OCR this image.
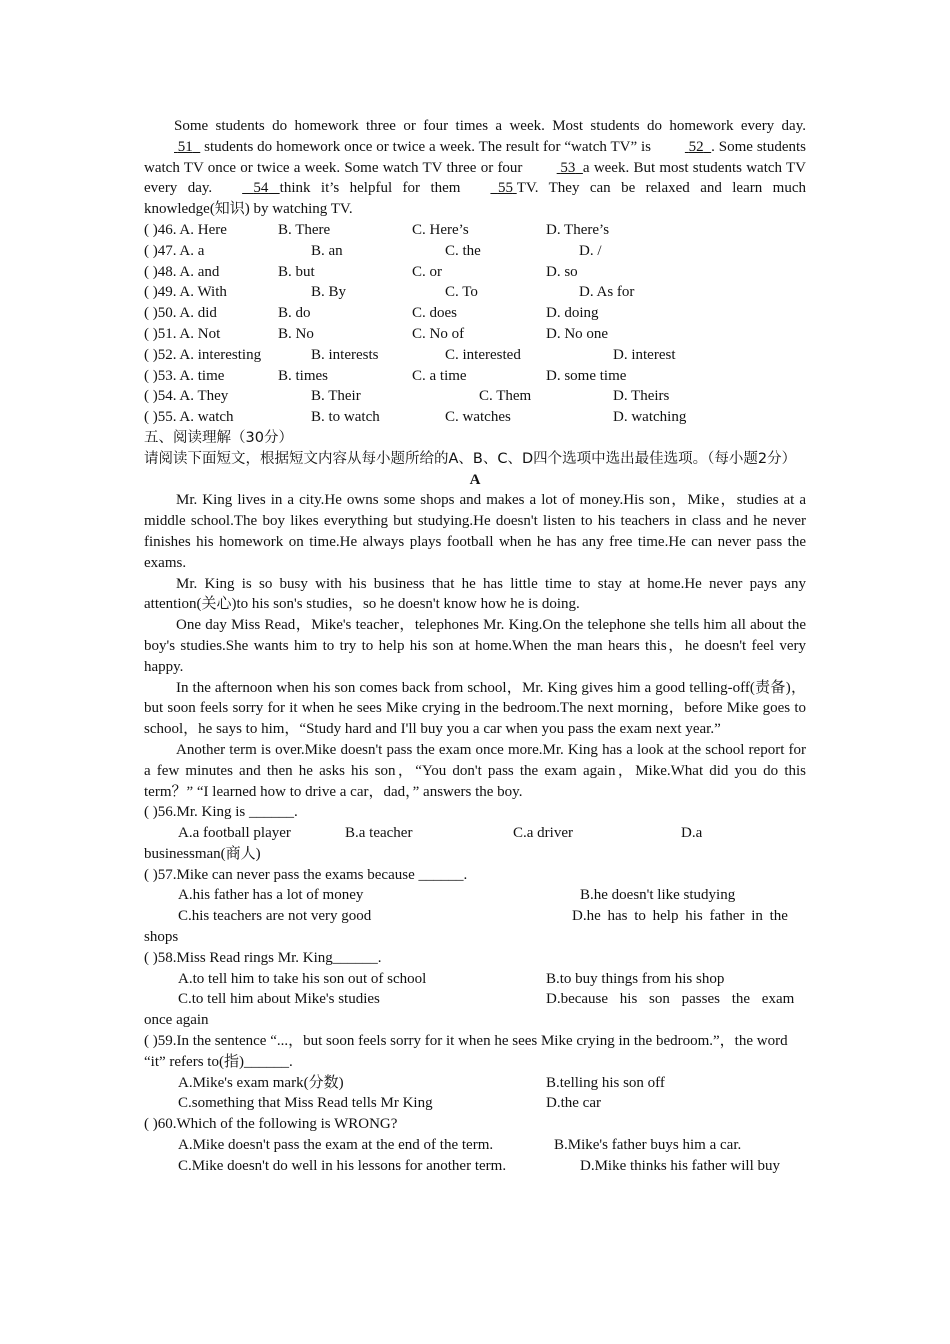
Some students do homework three or four times a week. Most students do homework every day.  51   students do homework once or twice a week. The result for “watch TV” is  52 . Some students watch TV once or twice a week. Some watch TV three or four  53 a week. But most students watch TV every day.	54 think it’s helpful for them	55 TV. They can be relaxed and learn much knowledge(知识) by watching TV.

( )46. A. Here	B. There	C. Here’s	D. There’s
( )47. A. a	B. an	C. the	D. /
( )48. A. and	B. but	C. or	D. so
( )49. A. With	B. By	C. To	D. As for
( )50. A. did	B. do	C. does	D. doing
( )51. A. Not	B. No	C. No of	D. No one
( )52. A. interesting	B. interests	C. interested	D. interest
( )53. A. time	B. times	C. a time	D. some time
( )54. A. They	B. Their	C. Them	D. Theirs
( )55. A. watch	B. to watch	C. watches	D. watching

五、阅读理解（30分）

请阅读下面短文，根据短文内容从每小题所给的A、B、C、D四个选项中选出最佳选项。（每小题2分）

A

Mr. King lives in a city.He owns some shops and makes a lot of money.His son，Mike，studies at a middle school.The boy likes everything but studying.He doesn't listen to his teachers in class and he never finishes his homework on time.He always plays football when he has any free time.He can never pass the exams.

Mr. King is so busy with his business that he has little time to stay at home.He never pays any attention(关心)to his son's studies，so he doesn't know how he is doing.

One day Miss Read，Mike's teacher，telephones Mr. King.On the telephone she tells him all about the boy's studies.She wants him to try to help his son at home.When the man hears this，he doesn't feel very happy.

In the afternoon when his son comes back from school，Mr. King gives him a good telling-off(责备)，but soon feels sorry for it when he sees Mike crying in the bedroom.The next morning，before Mike goes to school，he says to him，“Study hard and I'll buy you a car when you pass the exam next year.”

Another term is over.Mike doesn't pass the exam once more.Mr. King has a look at the school report for a few minutes and then he asks his son，“You don't pass the exam again，Mike.What did you do this term？” “I learned how to drive a car，dad，” answers the boy.

( )56.Mr. King is ______.

A.a football player	B.a teacher	C.a driver	D.a

businessman(商人)

( )57.Mike can never pass the exams because ______.

A.his father has a lot of money	B.he doesn't like studying
C.his teachers are not very good	D.he has to help his father in the

shops

( )58.Miss Read rings Mr. King______.

A.to tell him to take his son out of school	B.to buy things from his shop
C.to tell him about Mike's studies	D.because his son passes the exam

once again

( )59.In the sentence “...，but soon feels sorry for it when he sees Mike crying in the bedroom.”，the word “it” refers to(指)______.

A.Mike's exam mark(分数)	B.telling his son off
C.something that Miss Read tells Mr King	D.the car

( )60.Which of the following is WRONG?

A.Mike doesn't pass the exam at the end of the term.	B.Mike's father buys him a car.
C.Mike doesn't do well in his lessons for another term.	D.Mike thinks his father will buy
